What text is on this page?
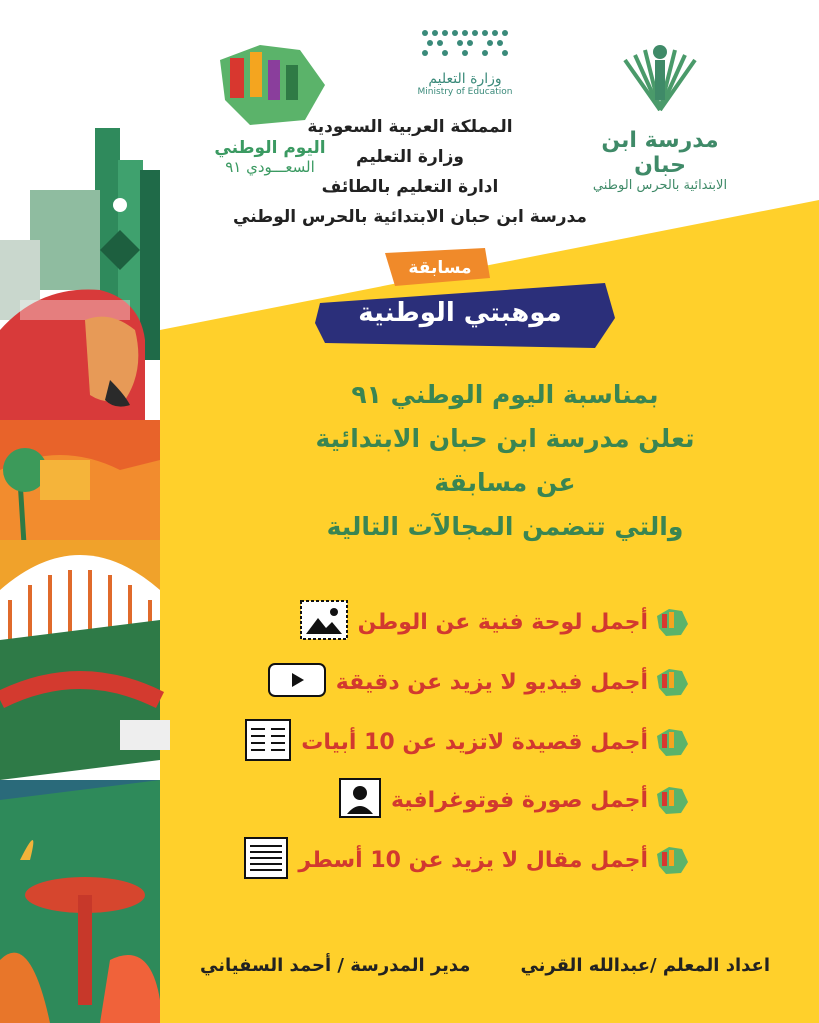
اليوم الوطني
السعـــودي ٩١
وزارة التعليم
Ministry of Education
مدرسة ابن حبان
الابتدائية بالحرس الوطني
المملكة العربية السعودية
وزارة التعليم
ادارة التعليم بالطائف
مدرسة ابن حبان الابتدائية بالحرس الوطني
مسابقة
موهبتي الوطنية
بمناسبة اليوم الوطني ٩١
تعلن مدرسة ابن حبان الابتدائية
عن مسابقة
والتي تتضمن المجالآت التالية
أجمل لوحة فنية عن الوطن
أجمل فيديو لا يزيد عن دقيقة
أجمل قصيدة لاتزيد عن 10 أبيات
أجمل صورة فوتوغرافية
أجمل مقال لا يزيد عن 10 أسطر
اعداد المعلم /عبدالله القرني
مدير المدرسة / أحمد السفياني
